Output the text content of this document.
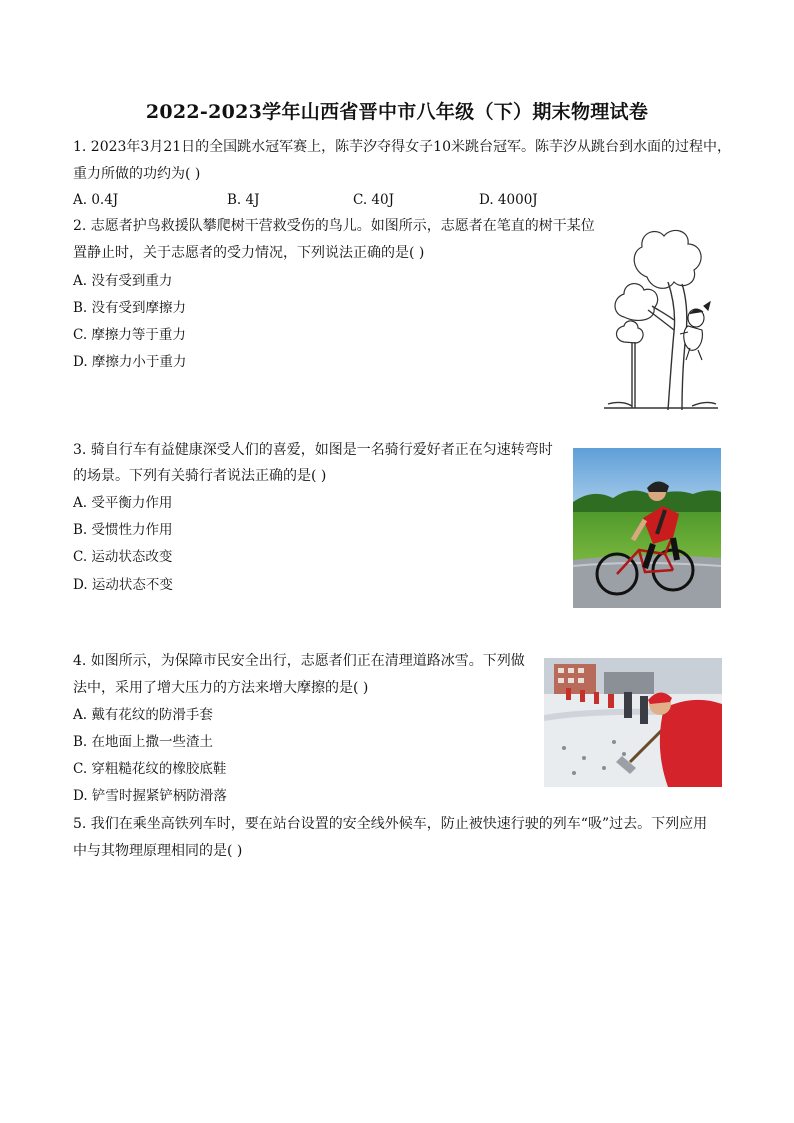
2022-2023学年山西省晋中市八年级（下）期末物理试卷
1. 2023年3月21日的全国跳水冠军赛上，陈芋汐夺得女子10米跳台冠军。陈芋汐从跳台到水面的过程中，
重力所做的功约为( )
A. 0.4J	B. 4J	C. 40J	D. 4000J
2. 志愿者护鸟救援队攀爬树干营救受伤的鸟儿。如图所示，志愿者在笔直的树干某位
置静止时，关于志愿者的受力情况，下列说法正确的是( )
A. 没有受到重力
B. 没有受到摩擦力
C. 摩擦力等于重力
D. 摩擦力小于重力
3. 骑自行车有益健康深受人们的喜爱，如图是一名骑行爱好者正在匀速转弯时
的场景。下列有关骑行者说法正确的是( )
A. 受平衡力作用
B. 受惯性力作用
C. 运动状态改变
D. 运动状态不变
4. 如图所示，为保障市民安全出行，志愿者们正在清理道路冰雪。下列做
法中，采用了增大压力的方法来增大摩擦的是( )
A. 戴有花纹的防滑手套
B. 在地面上撒一些渣土
C. 穿粗糙花纹的橡胶底鞋
D. 铲雪时握紧铲柄防滑落
5. 我们在乘坐高铁列车时，要在站台设置的安全线外候车，防止被快速行驶的列车“吸”过去。下列应用
中与其物理原理相同的是( )
